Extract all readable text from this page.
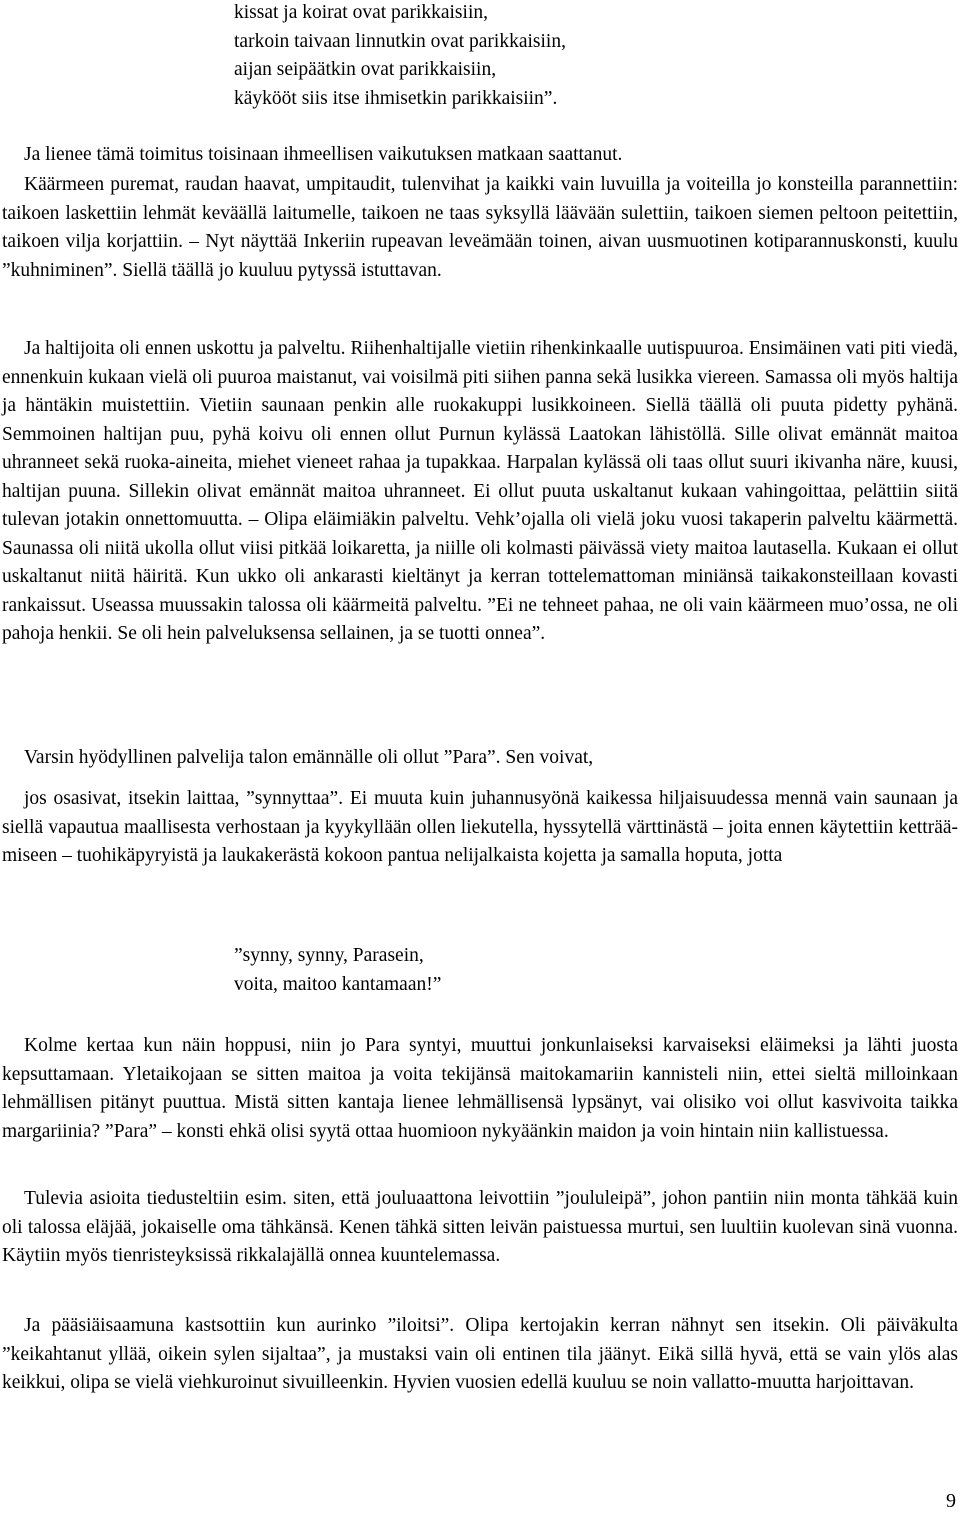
kissat ja koirat ovat parikkaisiin,
tarkoin taivaan linnutkin ovat parikkaisiin,
aijan seipäätkin ovat parikkaisiin,
käykööt siis itse ihmisetkin parikkaisiin”.

Ja lienee tämä toimitus toisinaan ihmeellisen vaikutuksen matkaan saattanut.

Käärmeen puremat, raudan haavat, umpitaudit, tulenvihat ja kaikki vain luvuilla ja voiteilla jo konsteilla parannettiin: taikoen laskettiin lehmät keväällä laitumelle, taikoen ne taas syksyllä läävään sulettiin, taikoen siemen peltoon peitettiin, taikoen vilja korjattiin. – Nyt näyttää Inkeriin rupeavan leveämään toinen, aivan uusmuotinen kotiparannuskonsti, kuulu ”kuhniminen”. Siellä täällä jo kuuluu pytyssä istuttavan.

Ja haltijoita oli ennen uskottu ja palveltu. Riihenhaltijalle vietiin rihenkinkaalle uutispuuroa. Ensimäinen vati piti viedä, ennenkuin kukaan vielä oli puuroa maistanut, vai voisilmä piti siihen panna sekä lusikka viereen. Samassa oli myös haltija ja häntäkin muistettiin. Vietiin saunaan penkin alle ruokakuppi lusikkoineen. Siellä täällä oli puuta pidetty pyhänä. Semmoinen haltijan puu, pyhä koivu oli ennen ollut Purnun kylässä Laatokan lähistöllä. Sille olivat emännät maitoa uhranneet sekä ruoka-aineita, miehet vieneet rahaa ja tupakkaa. Harpalan kylässä oli taas ollut suuri ikivanha näre, kuusi, haltijan puuna. Sillekin olivat emännät maitoa uhranneet. Ei ollut puuta uskaltanut kukaan vahingoittaa, pelättiin siitä tulevan jotakin onnettomuutta. – Olipa eläimiäkin palveltu. Vehk’ojalla oli vielä joku vuosi takaperin palveltu käärmettä. Saunassa oli niitä ukolla ollut viisi pitkää loikaretta, ja niille oli kolmasti päivässä viety maitoa lautasella. Kukaan ei ollut uskaltanut niitä häiritä. Kun ukko oli ankarasti kieltänyt ja kerran tottelemattoman miniänsä taikakonsteillaan kovasti rankaissut. Useassa muussakin talossa oli käärmeitä palveltu. ”Ei ne tehneet pahaa, ne oli vain käärmeen muo’ossa, ne oli pahoja henkii. Se oli hein palveluksensa sellainen, ja se tuotti onnea”.

Varsin hyödyllinen palvelija talon emännälle oli ollut ”Para”. Sen voivat,

jos osasivat, itsekin laittaa, ”synnyttaa”. Ei muuta kuin juhannusyönä kaikessa hiljaisuudessa mennä vain saunaan ja siellä vapautua maallisesta verhostaan ja kyykyllään ollen liekutella, hyssytellä värttinästä – joita ennen käytettiin ketträä-miseen – tuohikäpyryistä ja laukakerästä kokoon pantua nelijalkaista kojetta ja samalla hoputa, jotta

”synny, synny, Parasein,
voita, maitoo kantamaan!”

Kolme kertaa kun näin hoppusi, niin jo Para syntyi, muuttui jonkunlaiseksi karvaiseksi eläimeksi ja lähti juosta kepsuttamaan. Yletaikojaan se sitten maitoa ja voita tekijänsä maitokamariin kannisteli niin, ettei sieltä milloinkaan lehmällisen pitänyt puuttua. Mistä sitten kantaja lienee lehmällisensä lypsänyt, vai olisiko voi ollut kasvivoita taikka margariinia? ”Para” – konsti ehkä olisi syytä ottaa huomioon nykyäänkin maidon ja voin hintain niin kallistuessa.

Tulevia asioita tiedusteltiin esim. siten, että jouluaattona leivottiin ”joululeipä”, johon pantiin niin monta tähkää kuin oli talossa eläjää, jokaiselle oma tähkänsä. Kenen tähkä sitten leivän paistuessa murtui, sen luultiin kuolevan sinä vuonna. Käytiin myös tienristeyksissä rikkalajällä onnea kuuntelemassa.

Ja pääsiäisaamuna kastsottiin kun aurinko ”iloitsi”. Olipa kertojakin kerran nähnyt sen itsekin. Oli päiväkulta ”keikahtanut yllää, oikein sylen sijaltaa”, ja mustaksi vain oli entinen tila jäänyt. Eikä sillä hyvä, että se vain ylös alas keikkui, olipa se vielä viehkuroinut sivuilleenkin. Hyvien vuosien edellä kuuluu se noin vallatto-muutta harjoittavan.

9
